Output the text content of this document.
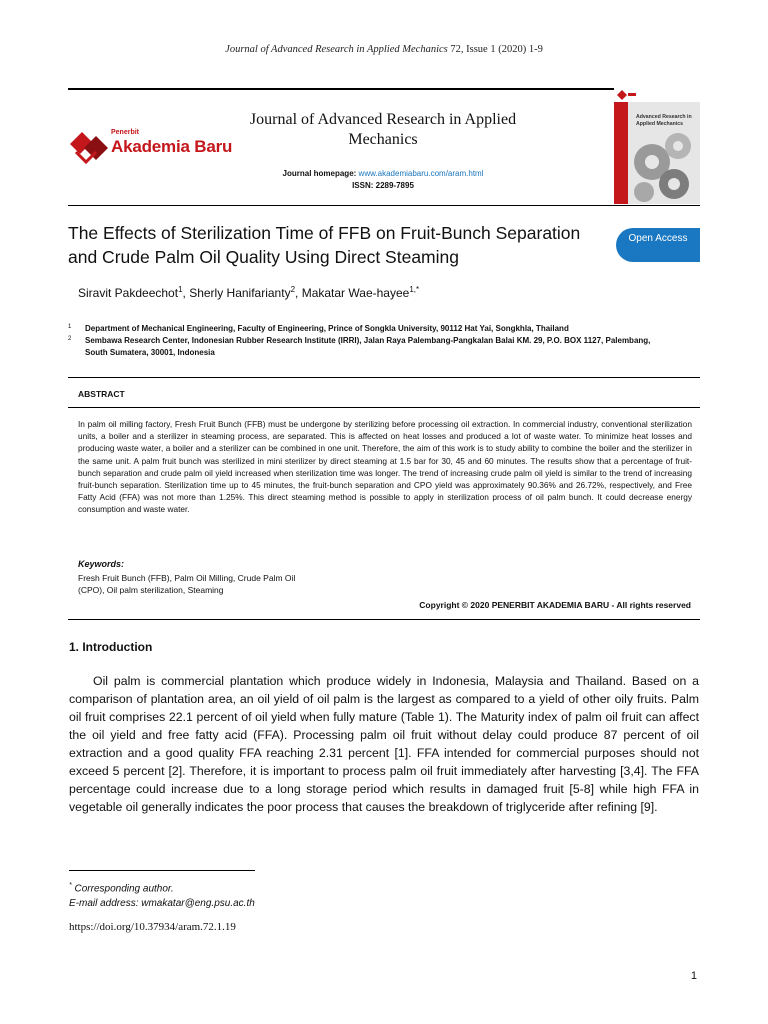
Journal of Advanced Research in Applied Mechanics 72, Issue 1 (2020) 1-9
Penerbit
Akademia Baru
Journal of Advanced Research in Applied Mechanics
Journal homepage: www.akademiabaru.com/aram.html
ISSN: 2289-7895
Advanced Research in Applied Mechanics
The Effects of Sterilization Time of FFB on Fruit-Bunch Separation and Crude Palm Oil Quality Using Direct Steaming
Open Access
Siravit Pakdeechot$^1$, Sherly Hanifarianty$^2$, Makatar Wae-hayee$^{1,*}$
1 Department of Mechanical Engineering, Faculty of Engineering, Prince of Songkla University, 90112 Hat Yai, Songkhla, Thailand
2 Sembawa Research Center, Indonesian Rubber Research Institute (IRRI), Jalan Raya Palembang-Pangkalan Balai KM. 29, P.O. BOX 1127, Palembang, South Sumatera, 30001, Indonesia
ABSTRACT
In palm oil milling factory, Fresh Fruit Bunch (FFB) must be undergone by sterilizing before processing oil extraction. In commercial industry, conventional sterilization units, a boiler and a sterilizer in steaming process, are separated. This is affected on heat losses and produced a lot of waste water. To minimize heat losses and producing waste water, a boiler and a sterilizer can be combined in one unit. Therefore, the aim of this work is to study ability to combine the boiler and the sterilizer in the same unit. A palm fruit bunch was sterilized in mini sterilizer by direct steaming at 1.5 bar for 30, 45 and 60 minutes. The results show that a percentage of fruit-bunch separation and crude palm oil yield increased when sterilization time was longer. The trend of increasing crude palm oil yield is similar to the trend of increasing fruit-bunch separation. Sterilization time up to 45 minutes, the fruit-bunch separation and CPO yield was approximately 90.36% and 26.72%, respectively, and Free Fatty Acid (FFA) was not more than 1.25%. This direct steaming method is possible to apply in sterilization process of oil palm bunch. It could decrease energy consumption and waste water.
Keywords:
Fresh Fruit Bunch (FFB), Palm Oil Milling, Crude Palm Oil (CPO), Oil palm sterilization, Steaming
Copyright © 2020 PENERBIT AKADEMIA BARU - All rights reserved
1. Introduction
Oil palm is commercial plantation which produce widely in Indonesia, Malaysia and Thailand. Based on a comparison of plantation area, an oil yield of oil palm is the largest as compared to a yield of other oily fruits. Palm oil fruit comprises 22.1 percent of oil yield when fully mature (Table 1). The Maturity index of palm oil fruit can affect the oil yield and free fatty acid (FFA). Processing palm oil fruit without delay could produce 87 percent of oil extraction and a good quality FFA reaching 2.31 percent [1]. FFA intended for commercial purposes should not exceed 5 percent [2]. Therefore, it is important to process palm oil fruit immediately after harvesting [3,4]. The FFA percentage could increase due to a long storage period which results in damaged fruit [5-8] while high FFA in vegetable oil generally indicates the poor process that causes the breakdown of triglyceride after refining [9].
* Corresponding author.
E-mail address: wmakatar@eng.psu.ac.th
https://doi.org/10.37934/aram.72.1.19
1
